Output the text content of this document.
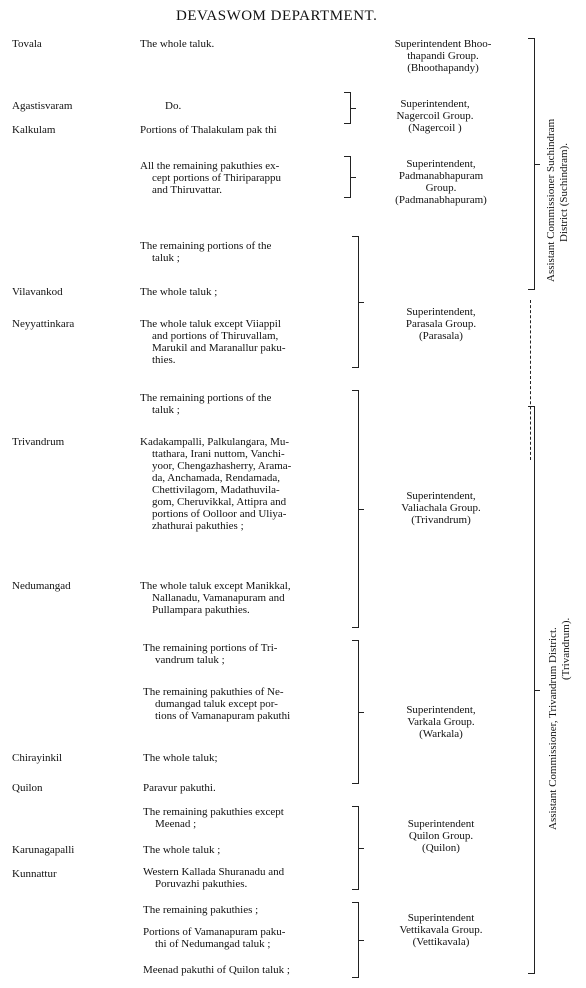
DEVASWOM DEPARTMENT.
Tovala
Agastisvaram
Kalkulam
Vilavankod
Neyyattinkara
Trivandrum
Nedumangad
Chirayinkil
Quilon
Karunagapalli
Kunnattur
The whole taluk.
Do.
Portions of Thalakulam pak thi
All the remaining pakuthies ex-
cept portions of Thiriparappu
and Thiruvattar.
The remaining portions of the
taluk ;
The whole taluk ;
The whole taluk except Viiappil
and portions of Thiruvallam,
Marukil and Maranallur paku-
thies.
The remaining portions of the
taluk ;
Kadakampalli, Palkulangara, Mu-
ttathara, Irani nuttom, Vanchi-
yoor, Chengazhasherry, Arama-
da, Anchamada, Rendamada,
Chettivilagom, Madathuvila-
gom, Cheruvikkal, Attipra and
portions of Oolloor and Uliya-
zhathurai pakuthies ;
The whole taluk except Manikkal,
Nallanadu, Vamanapuram and
Pullampara pakuthies.
The remaining portions of Tri-
vandrum taluk ;
The remaining pakuthies of Ne-
dumangad taluk except por-
tions of Vamanapuram pakuthi
The whole taluk;
Paravur pakuthi.
The remaining pakuthies except
Meenad ;
The whole taluk ;
Western Kallada Shuranadu and
Poruvazhi pakuthies.
The remaining pakuthies ;
Portions of Vamanapuram paku-
thi of Nedumangad taluk ;
Meenad pakuthi of Quilon taluk ;
Superintendent Bhoo-
thapandi Group.
(Bhoothapandy)
Superintendent,
Nagercoil Group.
(Nagercoil )
Superintendent,
Padmanabhapuram
Group.
(Padmanabhapuram)
Superintendent,
Parasala Group.
(Parasala)
Superintendent,
Valiachala Group.
(Trivandrum)
Superintendent,
Varkala Group.
(Warkala)
Superintendent
Quilon Group.
(Quilon)
Superintendent
Vettikavala Group.
(Vettikavala)
Assistant Commissioner Suchindram District (Suchindram).
Assistant Commissioner, Trivandrum District. (Trivandrum).
